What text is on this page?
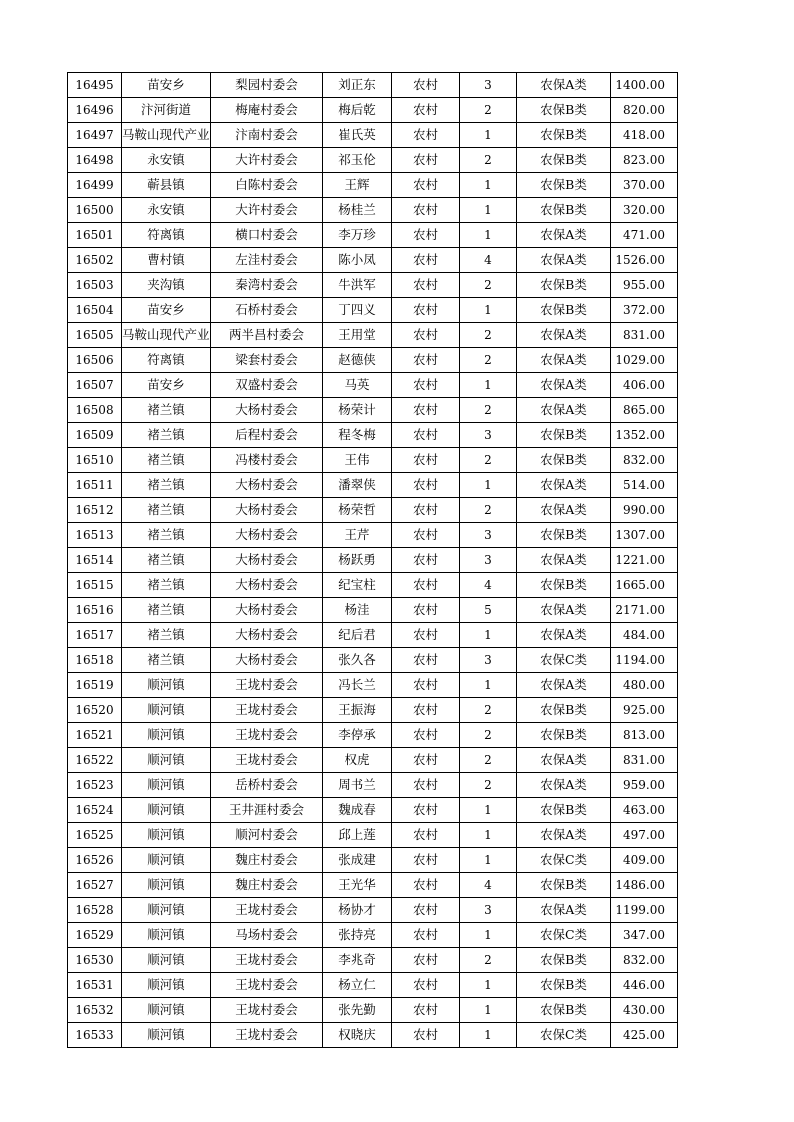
16495	苗安乡	梨园村委会	刘正东	农村	3	农保A类	1400.00
16496	汴河街道	梅庵村委会	梅后乾	农村	2	农保B类	820.00
16497	马鞍山现代产业	汴南村委会	崔氏英	农村	1	农保B类	418.00
16498	永安镇	大许村委会	祁玉伦	农村	2	农保B类	823.00
16499	蕲县镇	白陈村委会	王辉	农村	1	农保B类	370.00
16500	永安镇	大许村委会	杨桂兰	农村	1	农保B类	320.00
16501	符离镇	横口村委会	李万珍	农村	1	农保A类	471.00
16502	曹村镇	左洼村委会	陈小凤	农村	4	农保A类	1526.00
16503	夹沟镇	秦湾村委会	牛洪军	农村	2	农保B类	955.00
16504	苗安乡	石桥村委会	丁四义	农村	1	农保B类	372.00
16505	马鞍山现代产业	两半昌村委会	王用堂	农村	2	农保A类	831.00
16506	符离镇	梁套村委会	赵德侠	农村	2	农保A类	1029.00
16507	苗安乡	双盛村委会	马英	农村	1	农保A类	406.00
16508	褚兰镇	大杨村委会	杨荣计	农村	2	农保A类	865.00
16509	褚兰镇	后程村委会	程冬梅	农村	3	农保B类	1352.00
16510	褚兰镇	冯楼村委会	王伟	农村	2	农保B类	832.00
16511	褚兰镇	大杨村委会	潘翠侠	农村	1	农保A类	514.00
16512	褚兰镇	大杨村委会	杨荣哲	农村	2	农保A类	990.00
16513	褚兰镇	大杨村委会	王芹	农村	3	农保B类	1307.00
16514	褚兰镇	大杨村委会	杨跃勇	农村	3	农保A类	1221.00
16515	褚兰镇	大杨村委会	纪宝柱	农村	4	农保B类	1665.00
16516	褚兰镇	大杨村委会	杨洼	农村	5	农保A类	2171.00
16517	褚兰镇	大杨村委会	纪后君	农村	1	农保A类	484.00
16518	褚兰镇	大杨村委会	张久各	农村	3	农保C类	1194.00
16519	顺河镇	王垅村委会	冯长兰	农村	1	农保A类	480.00
16520	顺河镇	王垅村委会	王振海	农村	2	农保B类	925.00
16521	顺河镇	王垅村委会	李停承	农村	2	农保B类	813.00
16522	顺河镇	王垅村委会	权虎	农村	2	农保A类	831.00
16523	顺河镇	岳桥村委会	周书兰	农村	2	农保A类	959.00
16524	顺河镇	王井涯村委会	魏成春	农村	1	农保B类	463.00
16525	顺河镇	顺河村委会	邱上莲	农村	1	农保A类	497.00
16526	顺河镇	魏庄村委会	张成建	农村	1	农保C类	409.00
16527	顺河镇	魏庄村委会	王光华	农村	4	农保B类	1486.00
16528	顺河镇	王垅村委会	杨协才	农村	3	农保A类	1199.00
16529	顺河镇	马场村委会	张持亮	农村	1	农保C类	347.00
16530	顺河镇	王垅村委会	李兆奇	农村	2	农保B类	832.00
16531	顺河镇	王垅村委会	杨立仁	农村	1	农保B类	446.00
16532	顺河镇	王垅村委会	张先勤	农村	1	农保B类	430.00
16533	顺河镇	王垅村委会	权晓庆	农村	1	农保C类	425.00
